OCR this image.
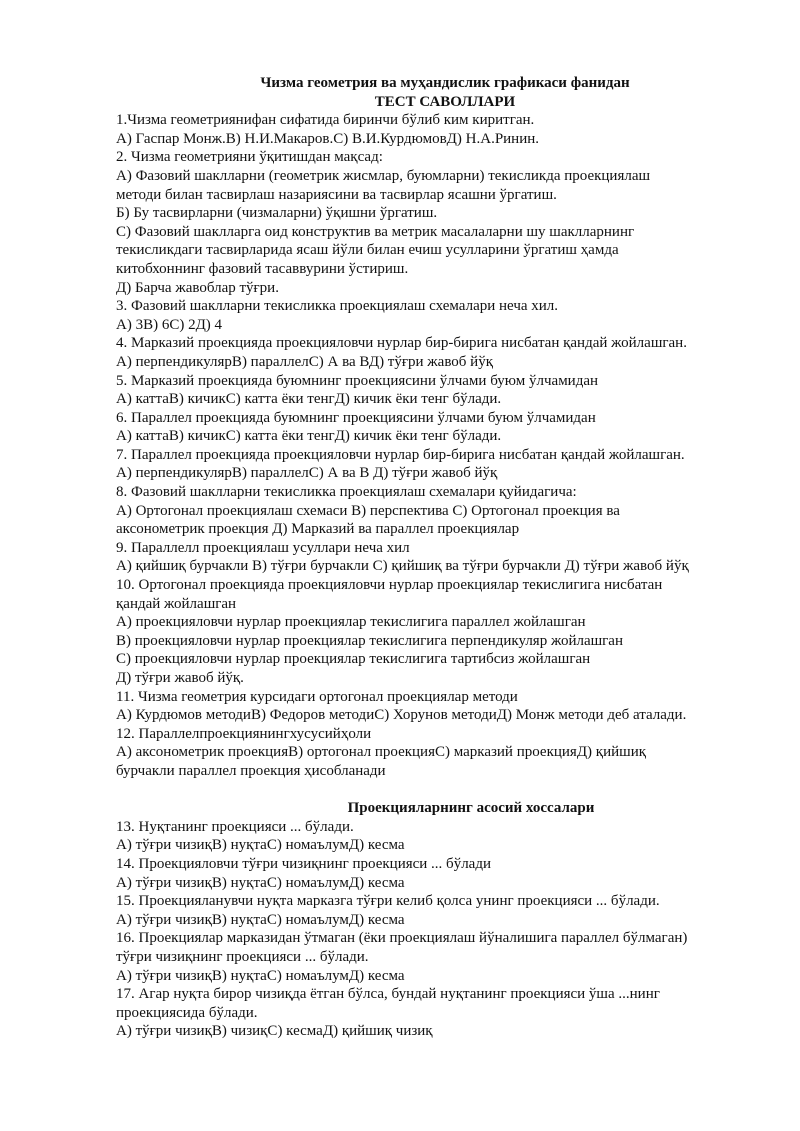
Чизма геометрия ва муҳандислик графикаси фанидан

ТЕСТ САВОЛЛАРИ

1.Чизма геометриянифан сифатида биринчи бўлиб ким киритган.

А) Гаспар Монж.В) Н.И.Макаров.С) В.И.КурдюмовД) Н.А.Ринин.

2. Чизма геометрияни ўқитишдан мақсад:

А) Фазовий шаклларни (геометрик жисмлар, буюмларни) текисликда проекциялаш

методи билан тасвирлаш назариясини ва тасвирлар ясашни ўргатиш.

Б) Бу тасвирларни (чизмаларни) ўқишни ўргатиш.

С) Фазовий шаклларга оид конструктив ва метрик масалаларни шу шаклларнинг

текисликдаги тасвирларида ясаш йўли билан ечиш усулларини ўргатиш ҳамда

китобхоннинг фазовий тасаввурини ўстириш.

Д) Барча жавоблар тўғри.

3. Фазовий шаклларни текисликка проекциялаш схемалари неча хил.

А) 3В) 6С) 2Д) 4

4. Марказий проекцияда проекцияловчи нурлар бир-бирига нисбатан қандай жойлашган.

А) перпендикулярВ) параллелС) А ва ВД) тўғри жавоб йўқ

5. Марказий проекцияда буюмнинг проекциясини ўлчами буюм ўлчамидан

А) каттаВ) кичикС) катта ёки тенгД) кичик ёки тенг бўлади.

6. Параллел проекцияда буюмнинг проекциясини ўлчами буюм ўлчамидан

А) каттаВ) кичикС) катта ёки тенгД) кичик ёки тенг бўлади.

7. Параллел проекцияда проекцияловчи нурлар бир-бирига нисбатан қандай жойлашган.

А) перпендикулярВ) параллелС) А ва В Д) тўғри жавоб йўқ

8. Фазовий шаклларни текисликка проекциялаш схемалари қуйидагича:

А) Ортогонал проекциялаш схемаси В) перспектива С) Ортогонал проекция ва

аксонометрик проекция Д) Марказий ва параллел проекциялар

9. Параллелл проекциялаш усуллари неча хил

А) қийшиқ бурчакли В) тўғри бурчакли С) қийшиқ ва тўғри бурчакли Д) тўғри жавоб йўқ

10. Ортогонал проекцияда проекцияловчи нурлар проекциялар текислигига нисбатан

қандай жойлашган

А) проекцияловчи нурлар проекциялар текислигига параллел жойлашган

В) проекцияловчи нурлар проекциялар текислигига перпендикуляр жойлашган

С) проекцияловчи нурлар проекциялар текислигига тартибсиз жойлашган

Д) тўғри жавоб йўқ.

11. Чизма геометрия курсидаги ортогонал проекциялар методи

А) Курдюмов методиВ) Федоров методиС) Хорунов методиД) Монж методи деб аталади.

12. Параллелпроекциянингхусусийҳоли

А) аксонометрик проекцияВ) ортогонал проекцияС) марказий проекцияД) қийшиқ

бурчакли параллел проекция ҳисобланади

Проекцияларнинг асосий хоссалари

13. Нуқтанинг проекцияси ... бўлади.

А) тўғри чизиқВ) нуқтаС) номаълумД) кесма

14. Проекцияловчи тўғри чизиқнинг проекцияси ... бўлади

А) тўғри чизиқВ) нуқтаС) номаълумД) кесма

15. Проекцияланувчи нуқта марказга тўғри келиб қолса унинг проекцияси ... бўлади.

А) тўғри чизиқВ) нуқтаС) номаълумД) кесма

16. Проекциялар марказидан ўтмаган (ёки проекциялаш йўналишига параллел бўлмаган)

тўғри чизиқнинг проекцияси ... бўлади.

А) тўғри чизиқВ) нуқтаС) номаълумД) кесма

17. Агар нуқта бирор чизиқда ётган бўлса, бундай нуқтанинг проекцияси ўша ...нинг

проекциясида бўлади.

А) тўғри чизиқВ) чизиқС) кесмаД) қийшиқ чизиқ
